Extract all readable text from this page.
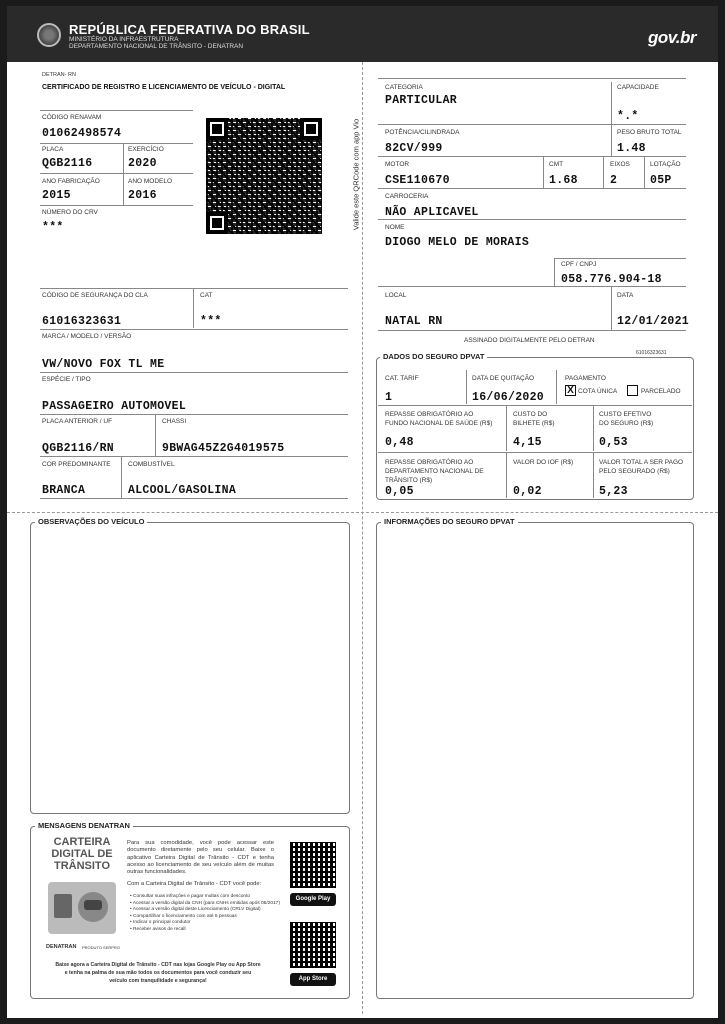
REPÚBLICA FEDERATIVA DO BRASIL
MINISTÉRIO DA INFRAESTRUTURA
DEPARTAMENTO NACIONAL DE TRÂNSITO - DENATRAN	gov.br
DETRAN- RN
CERTIFICADO DE REGISTRO E LICENCIAMENTO DE VEÍCULO - DIGITAL
CÓDIGO RENAVAM
01062498574
PLACA
QGB2116
EXERCÍCIO
2020
ANO FABRICAÇÃO
2015
ANO MODELO
2016
NÚMERO DO CRV
***	Valide este QRCode com app Vio
CÓDIGO DE SEGURANÇA DO CLA
61016323631
CAT
***
MARCA / MODELO / VERSÃO
VW/NOVO FOX TL ME
ESPÉCIE / TIPO
PASSAGEIRO AUTOMOVEL
PLACA ANTERIOR / UF
QGB2116/RN
CHASSI
9BWAG45Z2G4019575
COR PREDOMINANTE
BRANCA
COMBUSTÍVEL
ALCOOL/GASOLINA
CATEGORIA
PARTICULAR
CAPACIDADE
*.*
POTÊNCIA/CILINDRADA
82CV/999
PESO BRUTO TOTAL
1.48
MOTOR
CSE110670
CMT
1.68
EIXOS
2
LOTAÇÃO
05P
CARROCERIA
NÃO APLICAVEL
NOME
DIOGO MELO DE MORAIS
CPF / CNPJ
058.776.904-18
LOCAL
NATAL RN
DATA
12/01/2021
ASSINADO DIGITALMENTE PELO DETRAN
DADOS DO SEGURO DPVAT	61016323631
CAT. TARIF
1
DATA DE QUITAÇÃO
16/06/2020
PAGAMENTO
X COTA ÚNICA	PARCELADO
REPASSE OBRIGATÓRIO AO
FUNDO NACIONAL DE SAÚDE (R$)
0,48
CUSTO DO
BILHETE (R$)
4,15
CUSTO EFETIVO
DO SEGURO (R$)
0,53
REPASSE OBRIGATÓRIO AO
DEPARTAMENTO NACIONAL DE
TRÂNSITO (R$)
0,05
VALOR DO IOF (R$)
0,02
VALOR TOTAL A SER PAGO
PELO SEGURADO (R$)
5,23
OBSERVAÇÕES DO VEÍCULO	INFORMAÇÕES DO SEGURO DPVAT
MENSAGENS DENATRAN
CARTEIRA
DIGITAL DE
TRÂNSITO
DENATRAN PRODUTO SERPRO
Para sua comodidade, você pode acessar este documento diretamente pelo seu celular. Baixe o aplicativo Carteira Digital de Trânsito - CDT e tenha acesso ao licenciamento de seu veículo além de muitas outras funcionalidades.
Com a Carteira Digital de Trânsito - CDT você pode:
• Consultar suas infrações e pagar multas com desconto
• Acessar a versão digital da CNH (para CNHs emitidas após 05/2017)
• Acessar a versão digital deste Licenciamento (CRLV Digital)
• Compartilhar o licenciamento com até 5 pessoas
• Indicar o principal condutor
• Receber avisos de recall
Google Play
App Store
Baixe agora a Carteira Digital de Trânsito - CDT nas lojas Google Play ou App Store
e tenha na palma de sua mão todos os documentos para você conduzir seu
veículo com tranquilidade e segurança!
